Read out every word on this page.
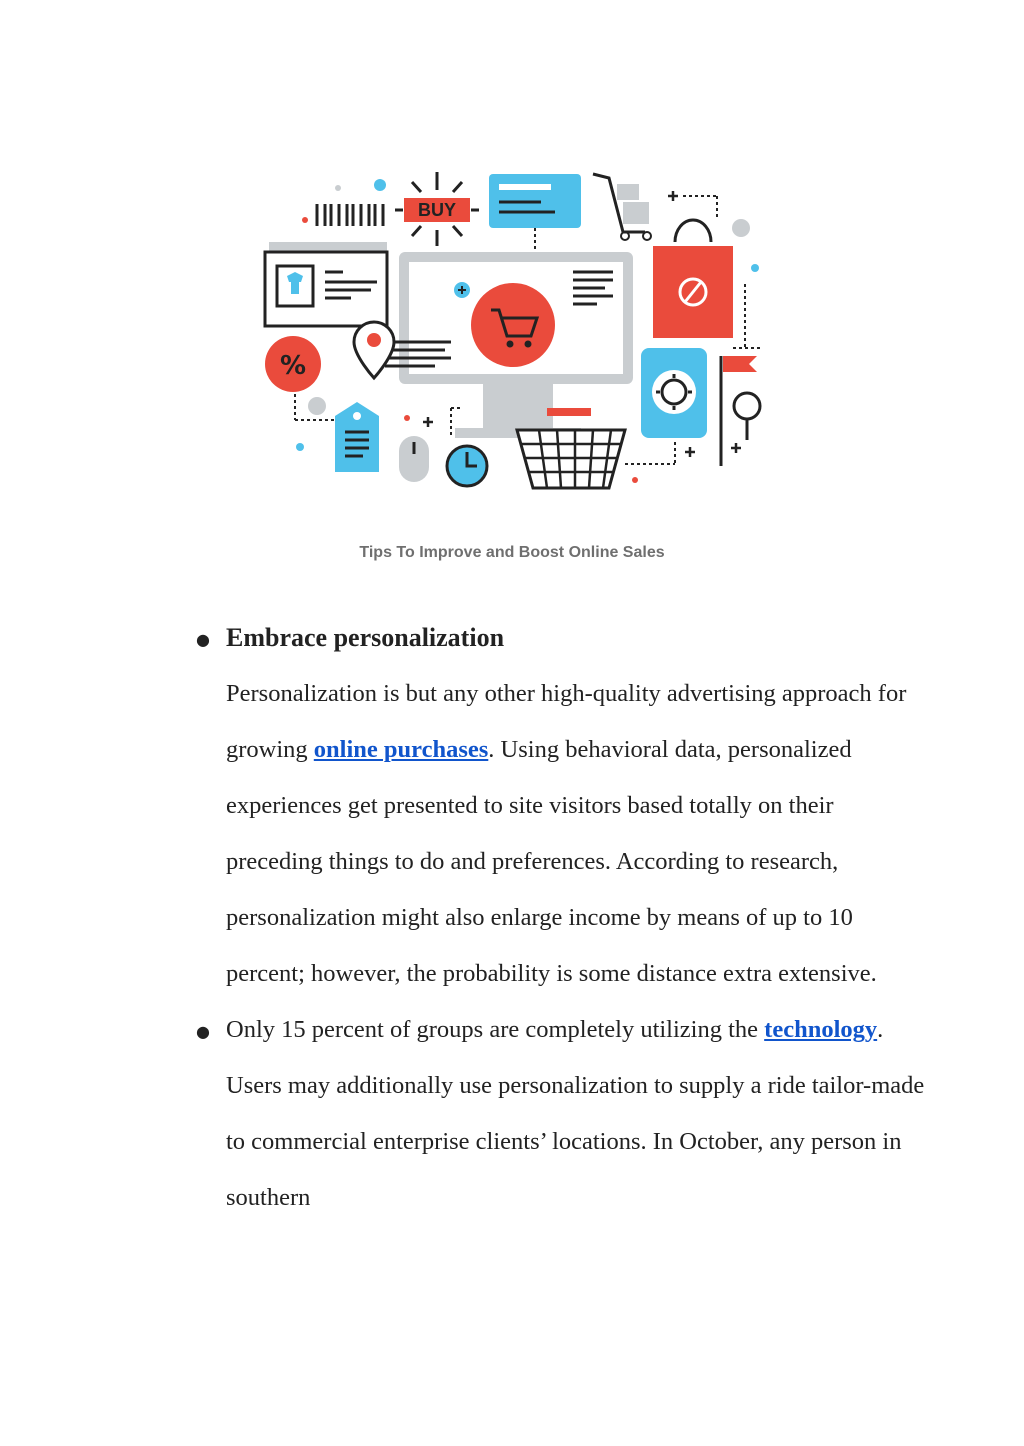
BUY
%
Tips To Improve and Boost Online Sales
● Embrace personalization

Personalization is but any other high-quality advertising approach for growing online purchases. Using behavioral data, personalized experiences get presented to site visitors based totally on their preceding things to do and preferences. According to research, personalization might also enlarge income by means of up to 10 percent; however, the probability is some distance extra extensive.

● Only 15 percent of groups are completely utilizing the technology. Users may additionally use personalization to supply a ride tailor-made to commercial enterprise clients’ locations. In October, any person in southern
